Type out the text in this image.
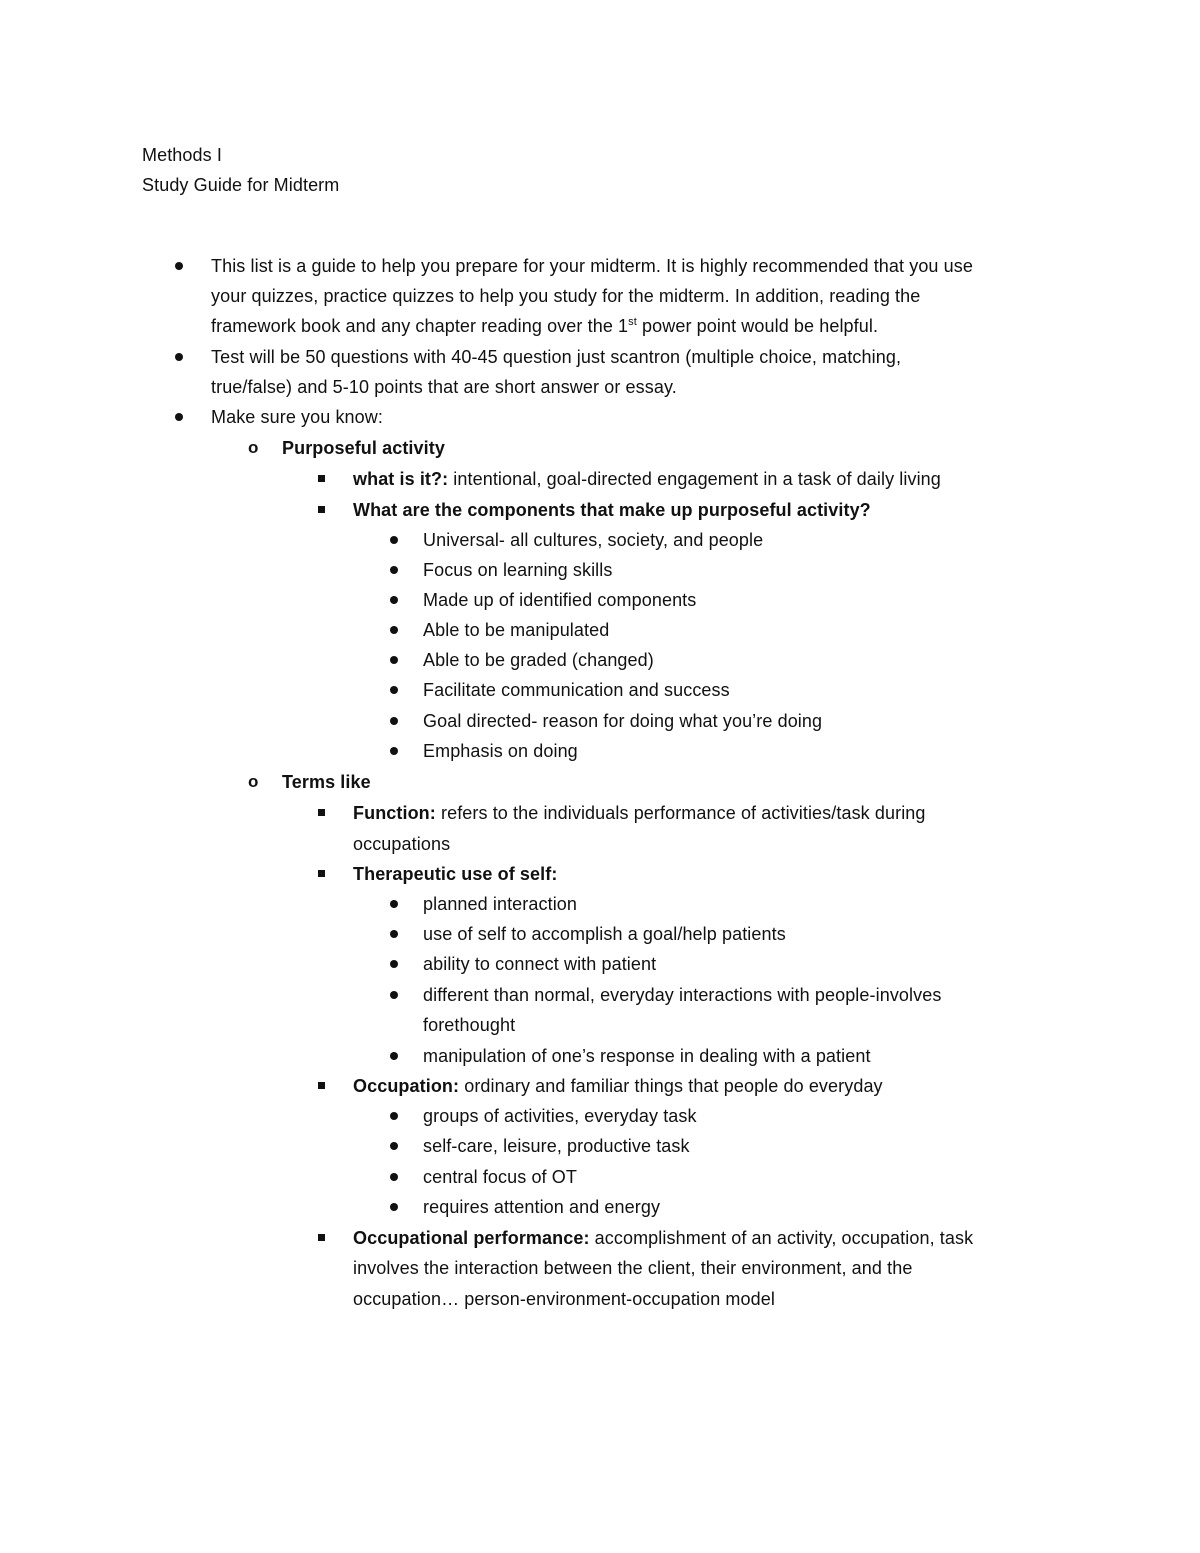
Methods I
Study Guide for Midterm
This list is a guide to help you prepare for your midterm. It is highly recommended that you use
your quizzes, practice quizzes to help you study for the midterm. In addition, reading the
framework book and any chapter reading over the 1st power point would be helpful.
Test will be 50 questions with 40-45 question just scantron (multiple choice, matching,
true/false) and 5-10 points that are short answer or essay.
Make sure you know:
o Purposeful activity
what is it?: intentional, goal-directed engagement in a task of daily living
What are the components that make up purposeful activity?
Universal- all cultures, society, and people
Focus on learning skills
Made up of identified components
Able to be manipulated
Able to be graded (changed)
Facilitate communication and success
Goal directed- reason for doing what you’re doing
Emphasis on doing
o Terms like
Function: refers to the individuals performance of activities/task during
occupations
Therapeutic use of self:
planned interaction
use of self to accomplish a goal/help patients
ability to connect with patient
different than normal, everyday interactions with people-involves
forethought
manipulation of one’s response in dealing with a patient
Occupation: ordinary and familiar things that people do everyday
groups of activities, everyday task
self-care, leisure, productive task
central focus of OT
requires attention and energy
Occupational performance: accomplishment of an activity, occupation, task
involves the interaction between the client, their environment, and the
occupation… person-environment-occupation model
